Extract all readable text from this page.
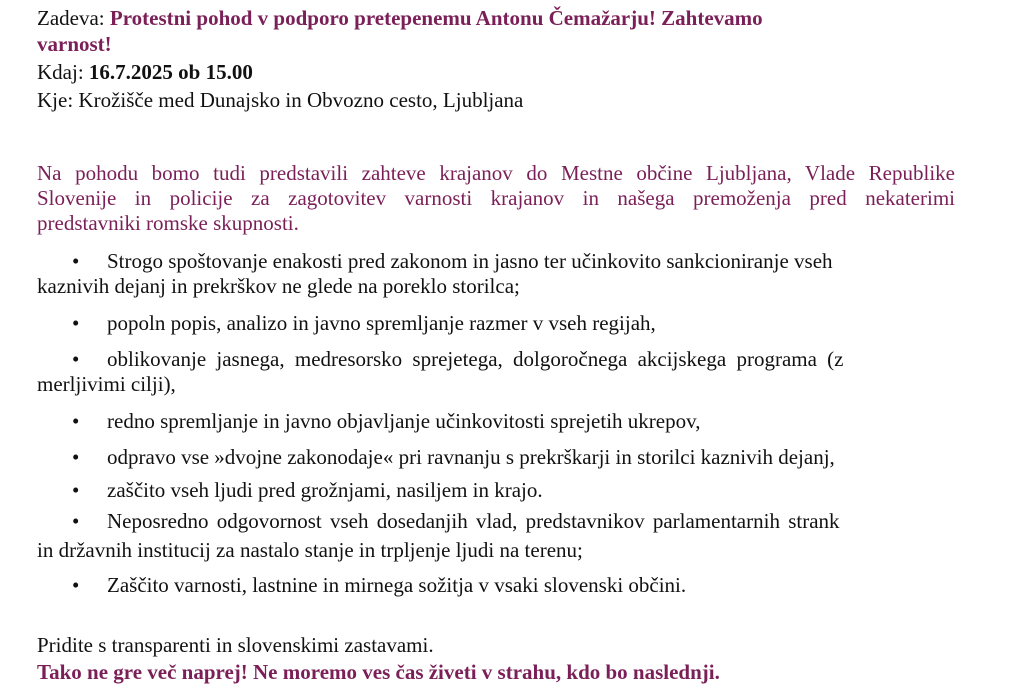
Zadeva: Protestni pohod v podporo pretepenemu Antonu Čemažarju! Zahtevamo
varnost!
Kdaj: 16.7.2025 ob 15.00
Kje: Krožišče med Dunajsko in Obvozno cesto, Ljubljana
Na pohodu bomo tudi predstavili zahteve krajanov do Mestne občine Ljubljana, Vlade Republike
Slovenije in policije za zagotovitev varnosti krajanov in našega premoženja pred nekaterimi
predstavniki romske skupnosti.
• Strogo spoštovanje enakosti pred zakonom in jasno ter učinkovito sankcioniranje vseh
kaznivih dejanj in prekrškov ne glede na poreklo storilca;
• popoln popis, analizo in javno spremljanje razmer v vseh regijah,
• oblikovanje jasnega, medresorsko sprejetega, dolgoročnega akcijskega programa (z
merljivimi cilji),
• redno spremljanje in javno objavljanje učinkovitosti sprejetih ukrepov,
• odpravo vse »dvojne zakonodaje« pri ravnanju s prekrškarji in storilci kaznivih dejanj,
• zaščito vseh ljudi pred grožnjami, nasiljem in krajo.
• Neposredno odgovornost vseh dosedanjih vlad, predstavnikov parlamentarnih strank
in državnih institucij za nastalo stanje in trpljenje ljudi na terenu;
• Zaščito varnosti, lastnine in mirnega sožitja v vsaki slovenski občini.
Pridite s transparenti in slovenskimi zastavami.
Tako ne gre več naprej! Ne moremo ves čas živeti v strahu, kdo bo naslednji.
